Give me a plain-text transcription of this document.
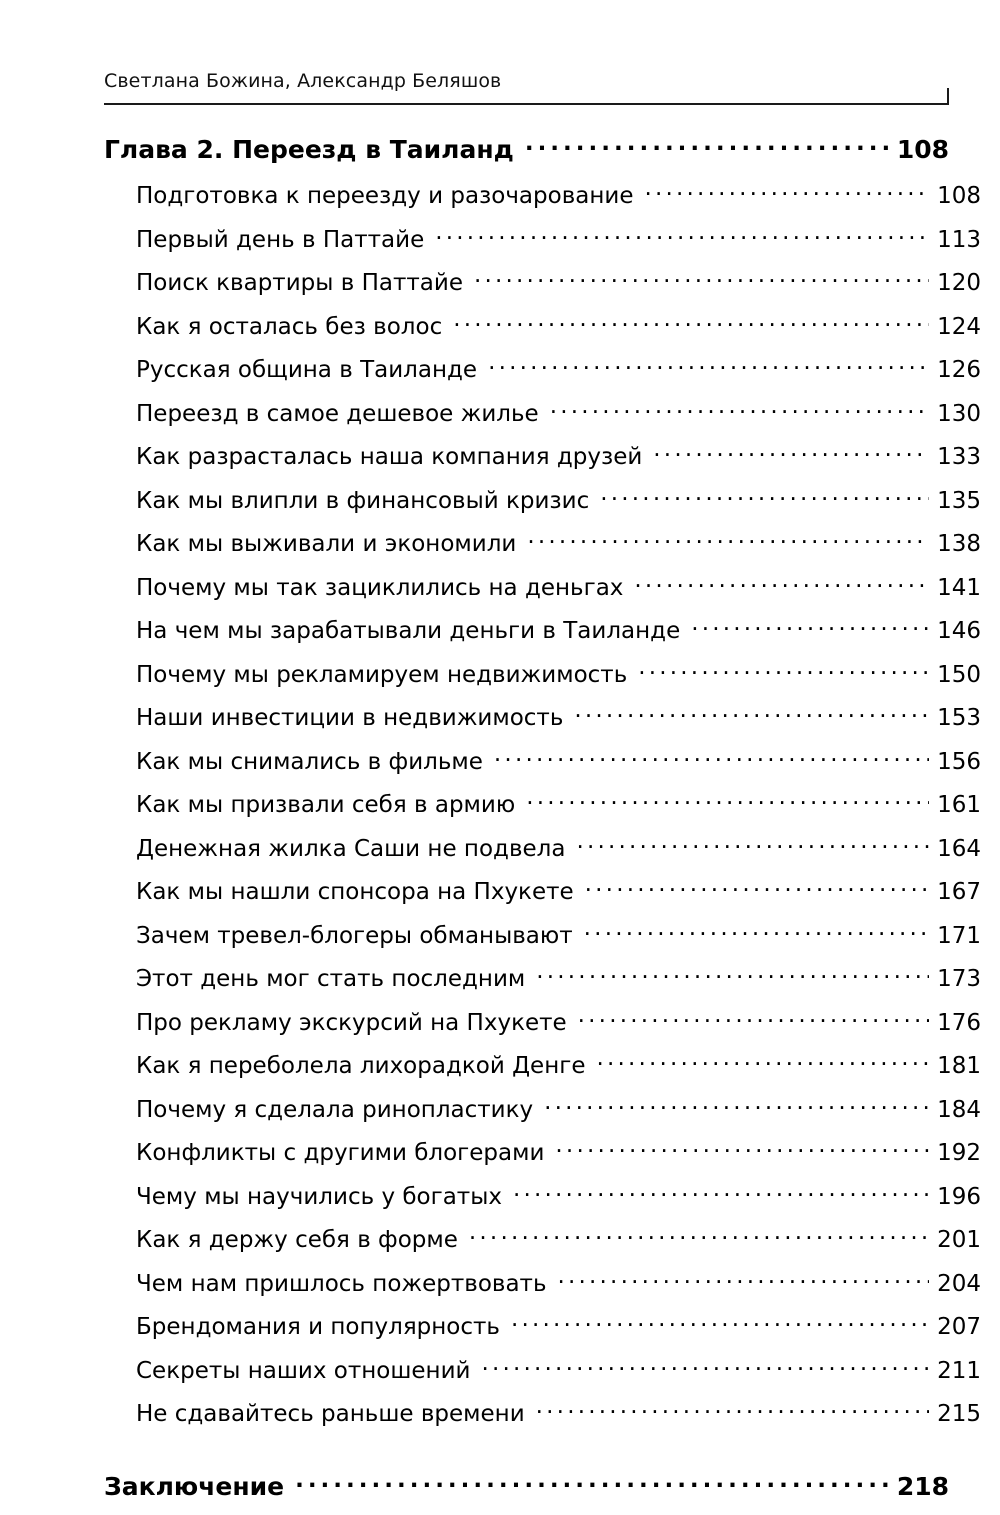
Светлана Божина, Александр Беляшов
Глава 2. Переезд в Таиланд .....	108
Подготовка к переезду и разочарование .....	108
Первый день в Паттайе .....	113
Поиск квартиры в Паттайе .....	120
Как я осталась без волос .....	124
Русская община в Таиланде .....	126
Переезд в самое дешевое жилье .....	130
Как разрасталась наша компания друзей .....	133
Как мы влипли в финансовый кризис .....	135
Как мы выживали и экономили .....	138
Почему мы так зациклились на деньгах .....	141
На чем мы зарабатывали деньги в Таиланде .....	146
Почему мы рекламируем недвижимость .....	150
Наши инвестиции в недвижимость .....	153
Как мы снимались в фильме .....	156
Как мы призвали себя в армию .....	161
Денежная жилка Саши не подвела .....	164
Как мы нашли спонсора на Пхукете .....	167
Зачем тревел-блогеры обманывают .....	171
Этот день мог стать последним .....	173
Про рекламу экскурсий на Пхукете .....	176
Как я переболела лихорадкой Денге .....	181
Почему я сделала ринопластику .....	184
Конфликты с другими блогерами .....	192
Чему мы научились у богатых .....	196
Как я держу себя в форме .....	201
Чем нам пришлось пожертвовать .....	204
Брендомания и популярность .....	207
Секреты наших отношений .....	211
Не сдавайтесь раньше времени .....	215
Заключение .....	218
